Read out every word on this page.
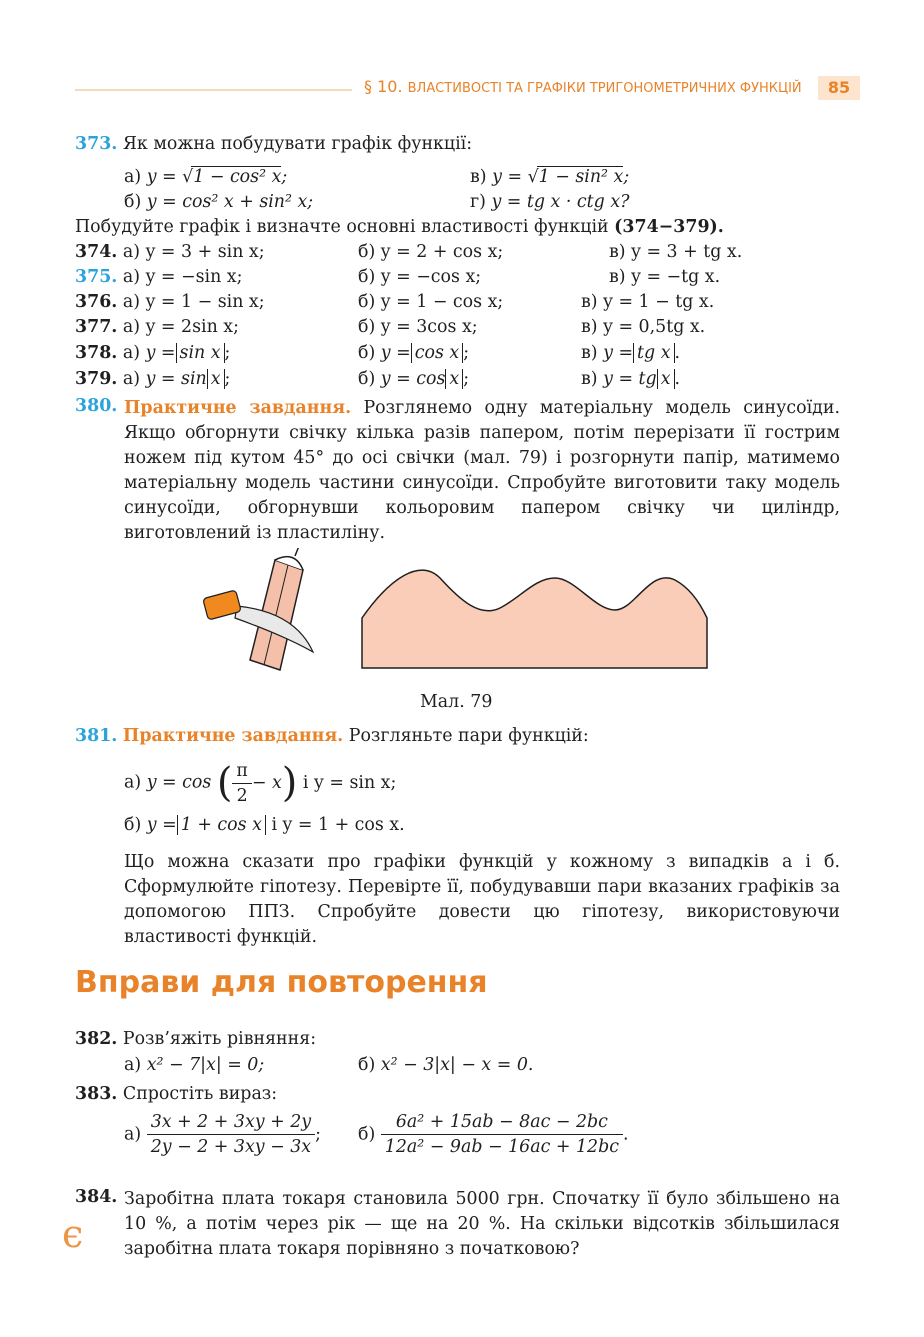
§ 10. ВЛАСТИВОСТІ ТА ГРАФІКИ ТРИГОНОМЕТРИЧНИХ ФУНКЦІЙ	85
373. Як можна побудувати графік функції:
а) y = √1 − cos² x;	в) y = √1 − sin² x;
б) y = cos² x + sin² x;	г) y = tg x · ctg x?
Побудуйте графік і визначте основні властивості функцій (374−379).
374. а) y = 3 + sin x;	б) y = 2 + cos x;	в) y = 3 + tg x.
375. а) y = −sin x;	б) y = −cos x;	в) y = −tg x.
376. а) y = 1 − sin x;	б) y = 1 − cos x;	в) y = 1 − tg x.
377. а) y = 2sin x;	б) y = 3cos x;	в) y = 0,5tg x.
378. а) y = sin x ;	б) y = cos x ;	в) y = tg x .
379. а) y = sin x ;	б) y = cos x ;	в) y = tg x .
380. Практичне завдання. Розглянемо одну матеріальну модель синусоїди. Якщо обгорнути свічку кілька разів папером, потім перерізати її гострим ножем під кутом 45° до осі свічки (мал. 79) і розгорнути папір, матимемо матеріальну модель частини синусоїди. Спробуйте виготовити таку модель синусоїди, обгорнувши кольоровим папером свічку чи циліндр, виготовлений із пластиліну.
Мал. 79
381. Практичне завдання. Розгляньте пари функцій:
а) y = cos ( $\frac{\pi}{2} - x$) і y = sin x;
б) y = 1 + cos x і y = 1 + cos x.
Що можна сказати про графіки функцій у кожному з випадків а і б. Сформулюйте гіпотезу. Перевірте її, побудувавши пари вказаних графіків за допомогою ППЗ. Спробуйте довести цю гіпотезу, використовуючи властивості функцій.
Вправи для повторення
382. Розв’яжіть рівняння:
а) x² − 7|x| = 0;	б) x² − 3|x| − x = 0.
383. Спростіть вираз:
$а) \frac{3x + 2 + 3xy + 2y}{2y - 2 + 3xy - 3x}$ ; $б) \frac{\text{6a² + 15ab − 8ac − 2bc}}{\text{12a² − 9ab − 16ac + 12bc}}$ .
384. Заробітна плата токаря становила 5000 грн. Спочатку її було збільшено на 10 %, а потім через рік — ще на 20 %. На скільки відсотків збільшилася заробітна плата токаря порівняно з початковою?
є
